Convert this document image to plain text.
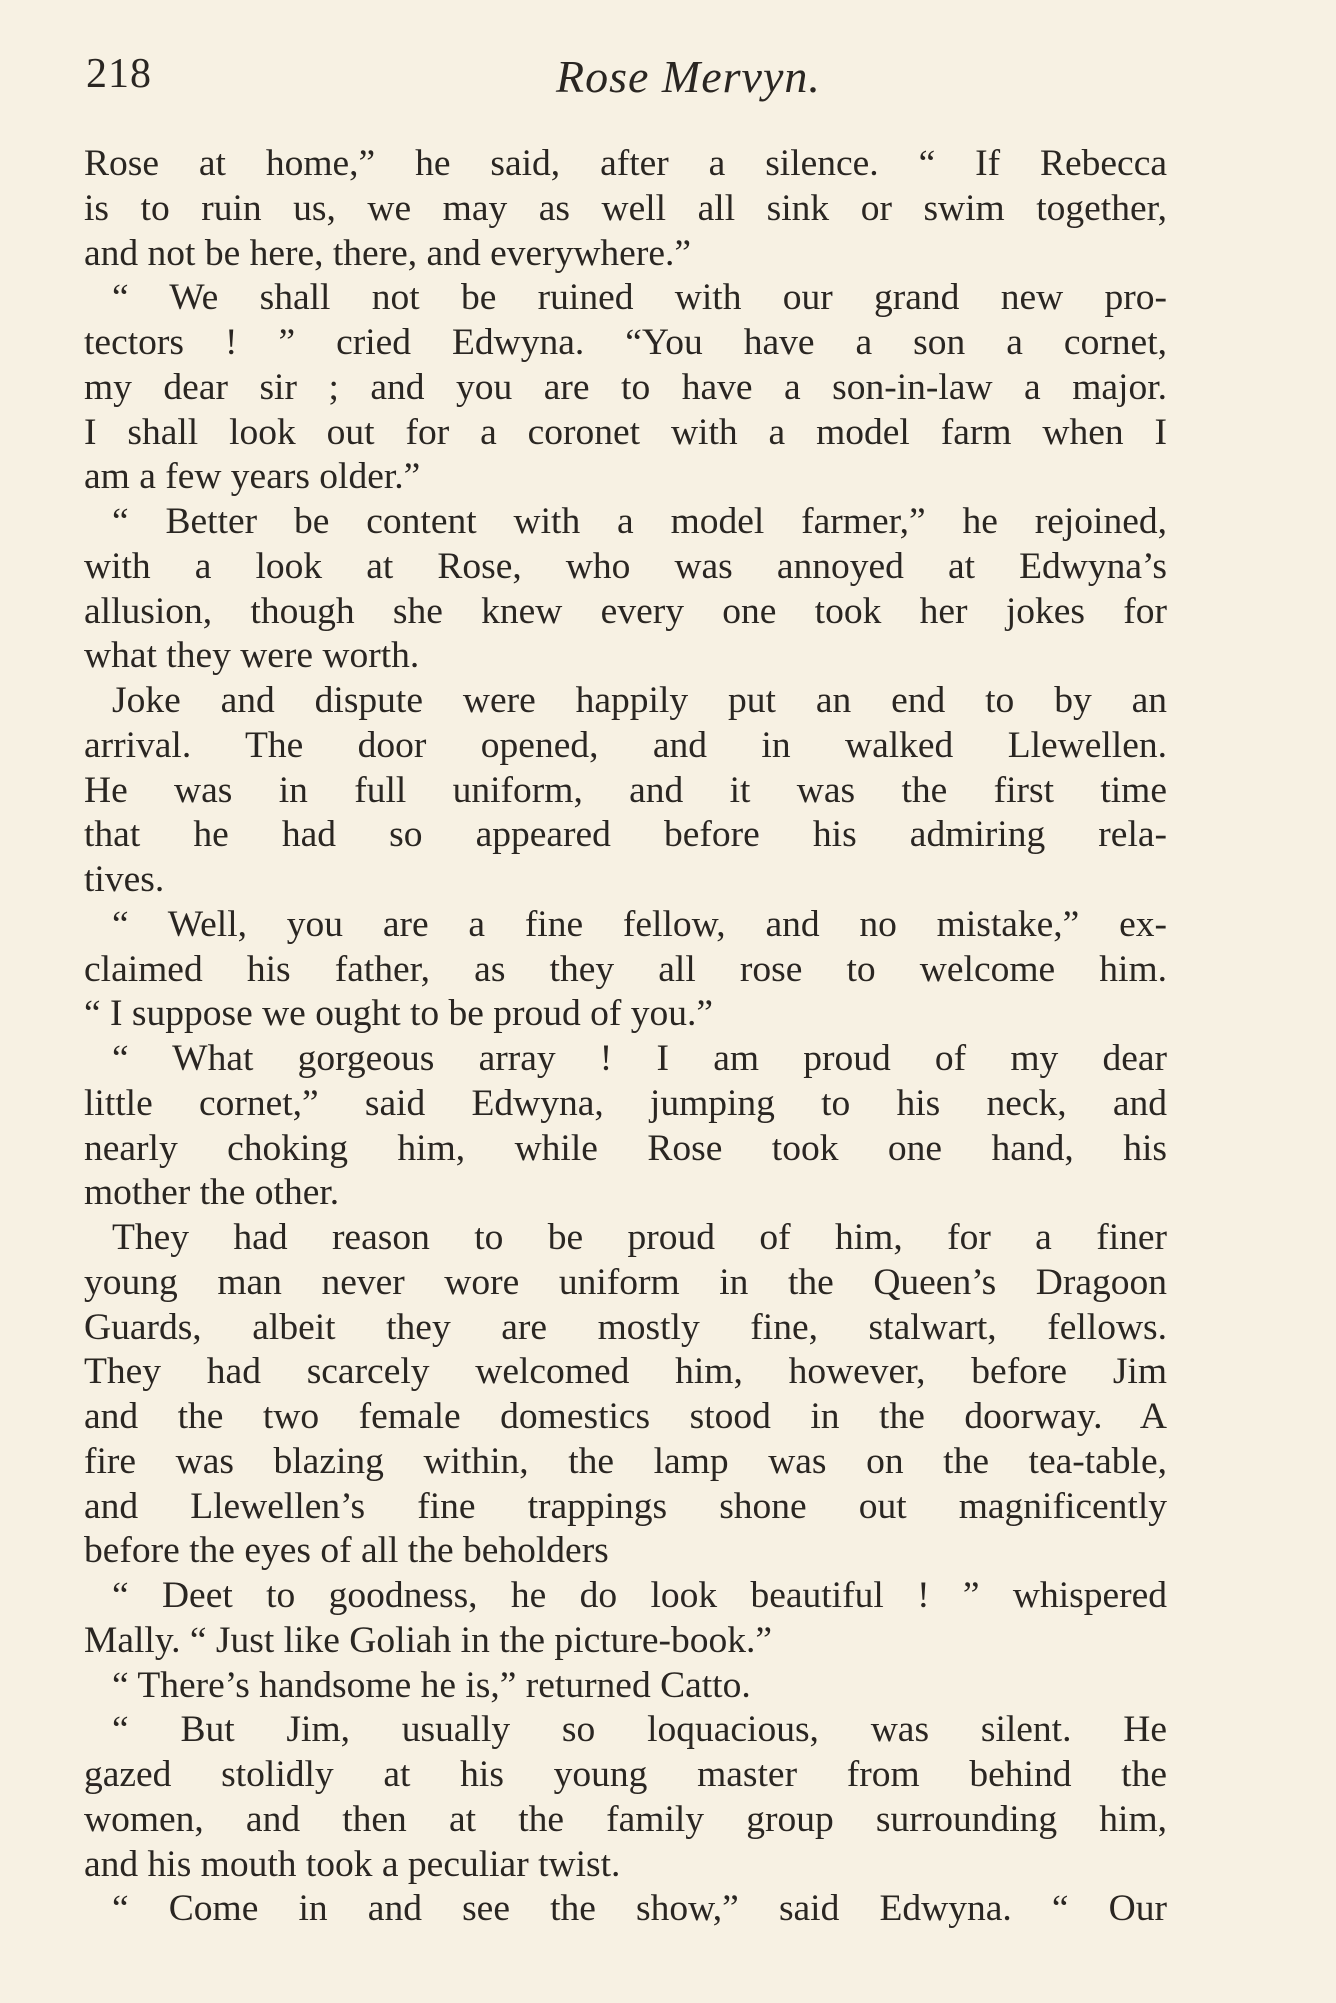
218	Rose Mervyn.
Rose at home,” he said, after a silence. “ If Rebecca
is to ruin us, we may as well all sink or swim together,
and not be here, there, and everywhere.”
“ We shall not be ruined with our grand new pro-
tectors ! ” cried Edwyna. “You have a son a cornet,
my dear sir ; and you are to have a son-in-law a major.
I shall look out for a coronet with a model farm when I
am a few years older.”
“ Better be content with a model farmer,” he rejoined,
with a look at Rose, who was annoyed at Edwyna’s
allusion, though she knew every one took her jokes for
what they were worth.
Joke and dispute were happily put an end to by an
arrival. The door opened, and in walked Llewellen.
He was in full uniform, and it was the first time
that he had so appeared before his admiring rela-
tives.
“ Well, you are a fine fellow, and no mistake,” ex-
claimed his father, as they all rose to welcome him.
“ I suppose we ought to be proud of you.”
“ What gorgeous array ! I am proud of my dear
little cornet,” said Edwyna, jumping to his neck, and
nearly choking him, while Rose took one hand, his
mother the other.
They had reason to be proud of him, for a finer
young man never wore uniform in the Queen’s Dragoon
Guards, albeit they are mostly fine, stalwart, fellows.
They had scarcely welcomed him, however, before Jim
and the two female domestics stood in the doorway. A
fire was blazing within, the lamp was on the tea-table,
and Llewellen’s fine trappings shone out magnificently
before the eyes of all the beholders
“ Deet to goodness, he do look beautiful ! ” whispered
Mally. “ Just like Goliah in the picture-book.”
“ There’s handsome he is,” returned Catto.
“ But Jim, usually so loquacious, was silent. He
gazed stolidly at his young master from behind the
women, and then at the family group surrounding him,
and his mouth took a peculiar twist.
“ Come in and see the show,” said Edwyna. “ Our
